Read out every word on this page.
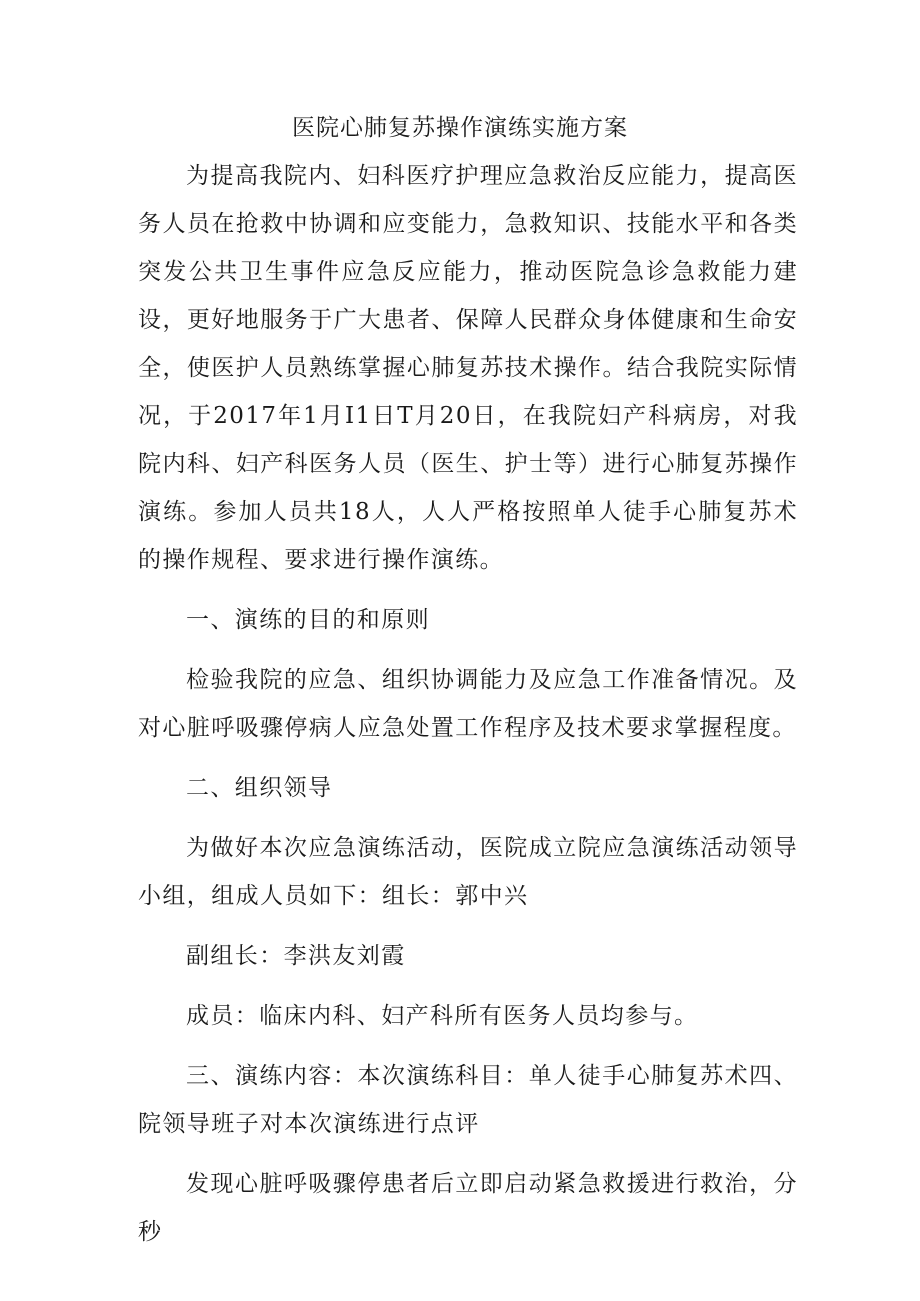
医院心肺复苏操作演练实施方案

为提高我院内、妇科医疗护理应急救治反应能力，提高医务人员在抢救中协调和应变能力，急救知识、技能水平和各类突发公共卫生事件应急反应能力，推动医院急诊急救能力建设，更好地服务于广大患者、保障人民群众身体健康和生命安全，使医护人员熟练掌握心肺复苏技术操作。结合我院实际情况，于2017年1月I1日T月20日，在我院妇产科病房，对我院内科、妇产科医务人员（医生、护士等）进行心肺复苏操作演练。参加人员共18人，人人严格按照单人徒手心肺复苏术的操作规程、要求进行操作演练。

一、演练的目的和原则

检验我院的应急、组织协调能力及应急工作准备情况。及对心脏呼吸骤停病人应急处置工作程序及技术要求掌握程度。

二、组织领导

为做好本次应急演练活动，医院成立院应急演练活动领导小组，组成人员如下：组长：郭中兴

副组长：李洪友刘霞

成员：临床内科、妇产科所有医务人员均参与。

三、演练内容：本次演练科目：单人徒手心肺复苏术四、院领导班子对本次演练进行点评

发现心脏呼吸骤停患者后立即启动紧急救援进行救治，分秒
